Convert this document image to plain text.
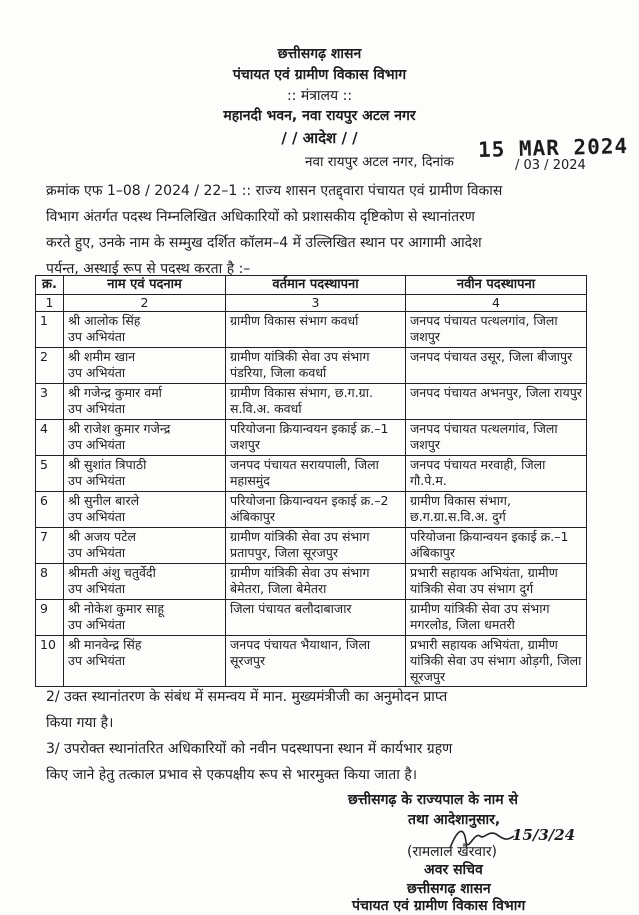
छत्तीसगढ़ शासन
पंचायत एवं ग्रामीण विकास विभाग
:: मंत्रालय ::
महानदी भवन, नवा रायपुर अटल नगर
/ / आदेश / /
नवा रायपुर अटल नगर, दिनांक
15 MAR 2024
/ 03 / 2024
क्रमांक एफ 1–08 / 2024 / 22–1 :: राज्य शासन एतद्द्वारा पंचायत एवं ग्रामीण विकास
विभाग अंतर्गत पदस्थ निम्नलिखित अधिकारियों को प्रशासकीय दृष्टिकोण से स्थानांतरण
करते हुए, उनके नाम के सम्मुख दर्शित कॉलम–4 में उल्लिखित स्थान पर आगामी आदेश
पर्यन्त, अस्थाई रूप से पदस्थ करता है :–
क्र.	नाम एवं पदनाम	वर्तमान पदस्थापना	नवीन पदस्थापना
1	2	3	4
1	श्री आलोक सिंह
उप अभियंता	ग्रामीण विकास संभाग कवर्धा	जनपद पंचायत पत्थलगांव, जिला जशपुर
2	श्री शमीम खान
उप अभियंता	ग्रामीण यांत्रिकी सेवा उप संभाग पंडरिया, जिला कवर्धा	जनपद पंचायत उसूर, जिला बीजापुर
3	श्री गजेन्द्र कुमार वर्मा
उप अभियंता	ग्रामीण विकास संभाग, छ.ग.ग्रा. स.वि.अ. कवर्धा	जनपद पंचायत अभनपुर, जिला रायपुर
4	श्री राजेश कुमार गजेन्द्र
उप अभियंता	परियोजना क्रियान्वयन इकाई क्र.–1 जशपुर	जनपद पंचायत पत्थलगांव, जिला जशपुर
5	श्री सुशांत त्रिपाठी
उप अभियंता	जनपद पंचायत सरायपाली, जिला महासमुंद	जनपद पंचायत मरवाही, जिला गौ.पे.म.
6	श्री सुनील बारले
उप अभियंता	परियोजना क्रियान्वयन इकाई क्र.–2 अंबिकापुर	ग्रामीण विकास संभाग, छ.ग.ग्रा.स.वि.अ. दुर्ग
7	श्री अजय पटेल
उप अभियंता	ग्रामीण यांत्रिकी सेवा उप संभाग प्रतापपुर, जिला सूरजपुर	परियोजना क्रियान्वयन इकाई क्र.–1 अंबिकापुर
8	श्रीमती अंशु चतुर्वेदी
उप अभियंता	ग्रामीण यांत्रिकी सेवा उप संभाग बेमेतरा, जिला बेमेतरा	प्रभारी सहायक अभियंता, ग्रामीण यांत्रिकी सेवा उप संभाग दुर्ग
9	श्री नोकेश कुमार साहू
उप अभियंता	जिला पंचायत बलौदाबाजार	ग्रामीण यांत्रिकी सेवा उप संभाग मगरलोड, जिला धमतरी
10	श्री मानवेन्द्र सिंह
उप अभियंता	जनपद पंचायत भैयाथान, जिला सूरजपुर	प्रभारी सहायक अभियंता, ग्रामीण यांत्रिकी सेवा उप संभाग ओड़गी, जिला सूरजपुर
2/ उक्त स्थानांतरण के संबंध में समन्वय में मान. मुख्यमंत्रीजी का अनुमोदन प्राप्त
किया गया है।
3/ उपरोक्त स्थानांतरित अधिकारियों को नवीन पदस्थापना स्थान में कार्यभार ग्रहण
किए जाने हेतु तत्काल प्रभाव से एकपक्षीय रूप से भारमुक्त किया जाता है।
छत्तीसगढ़ के राज्यपाल के नाम से
तथा आदेशानुसार,
15/3/24
(रामलाल खैरवार)
अवर सचिव
छत्तीसगढ़ शासन
पंचायत एवं ग्रामीण विकास विभाग
